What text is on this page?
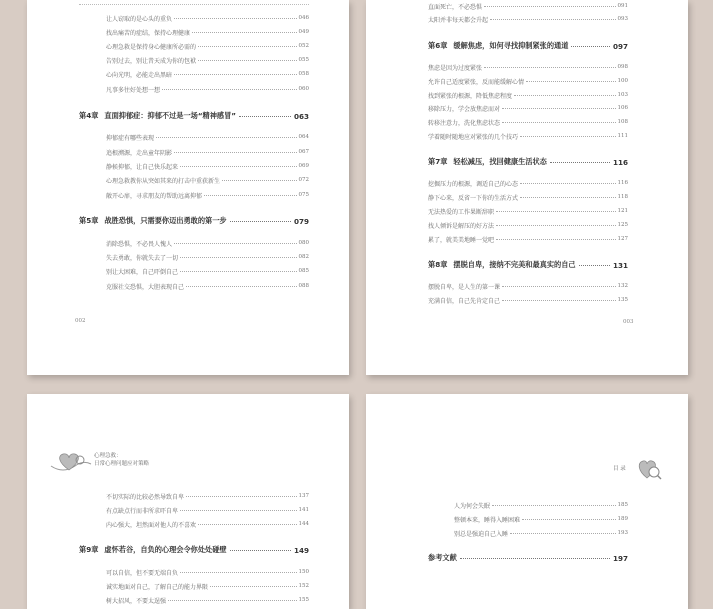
让人窃取的是心头的重负	046
找出痛苦的症结，保持心理健康	049
心理急救是保持身心健康所必需的	052
告别过去，别让昔天成为你的包袱	055
心向光明，必能走出黑暗	058
凡事多往好处想一想	060
第4章 直面抑郁症：抑郁不过是一场“精神感冒”	063
抑郁症有哪些表现	064
追根溯源，走出童年阴影	067
静候抑郁，让自己快乐起来	069
心理急救教你从突如其来的打击中重获新生	072
敞开心扉，寻求朋友的帮助远离抑郁	075
第5章 战胜恐惧，只需要你迈出勇敢的第一步	079
消除恐惧，不必畏人愧人	080
失去勇敢，你就失去了一切	082
别让大困难，自己吓倒自己	085
克服社交恐惧，大胆表现自己	088
002
直面死亡，不必恐惧	091
太阳并非每天都会升起	093
第6章 缓解焦虑，如何寻找抑制紧张的通道	097
焦虑是因为过度紧张	098
允许自己适度紧张，反而能缓解心情	100
找到紧张的根源，降低焦虑程度	103
移除压力，学会放焦虑而对	106
转移注意力，洗化焦虑状态	108
学着随时随地应对紧张的几个技巧	111
第7章 轻松减压，找回健康生活状态	116
挖掘压力的根源，调适自己的心态	116
静下心来，反省一下你的生活方式	118
无法热爱的工作果断辞职	121
找人倾诉是解压的好方法	125
累了，就美美地睡一觉吧	127
第8章 摆脱自卑，接纳不完美和最真实的自己	131
摆脱自卑，是人生的第一课	132
充满自信，自己先肯定自己	135
003
心理急救：
日常心理问题应对策略
不切实际的比较必然导致自卑	137
有点缺点行而非所求吓自卑	141
内心强大，坦然面对他人的不喜欢	144
第9章 虚怀若谷，自负的心理会令你处处碰壁	149
可以自信，但不要无端自负	150
诚实地面对自己，了解自己的能力界限	152
树大招风，不要太逞强	155
目 录
人为何会失眠	185
整顿本来，睡得入睡困难	189
别总是强迫自己入睡	193
参考文献	197
